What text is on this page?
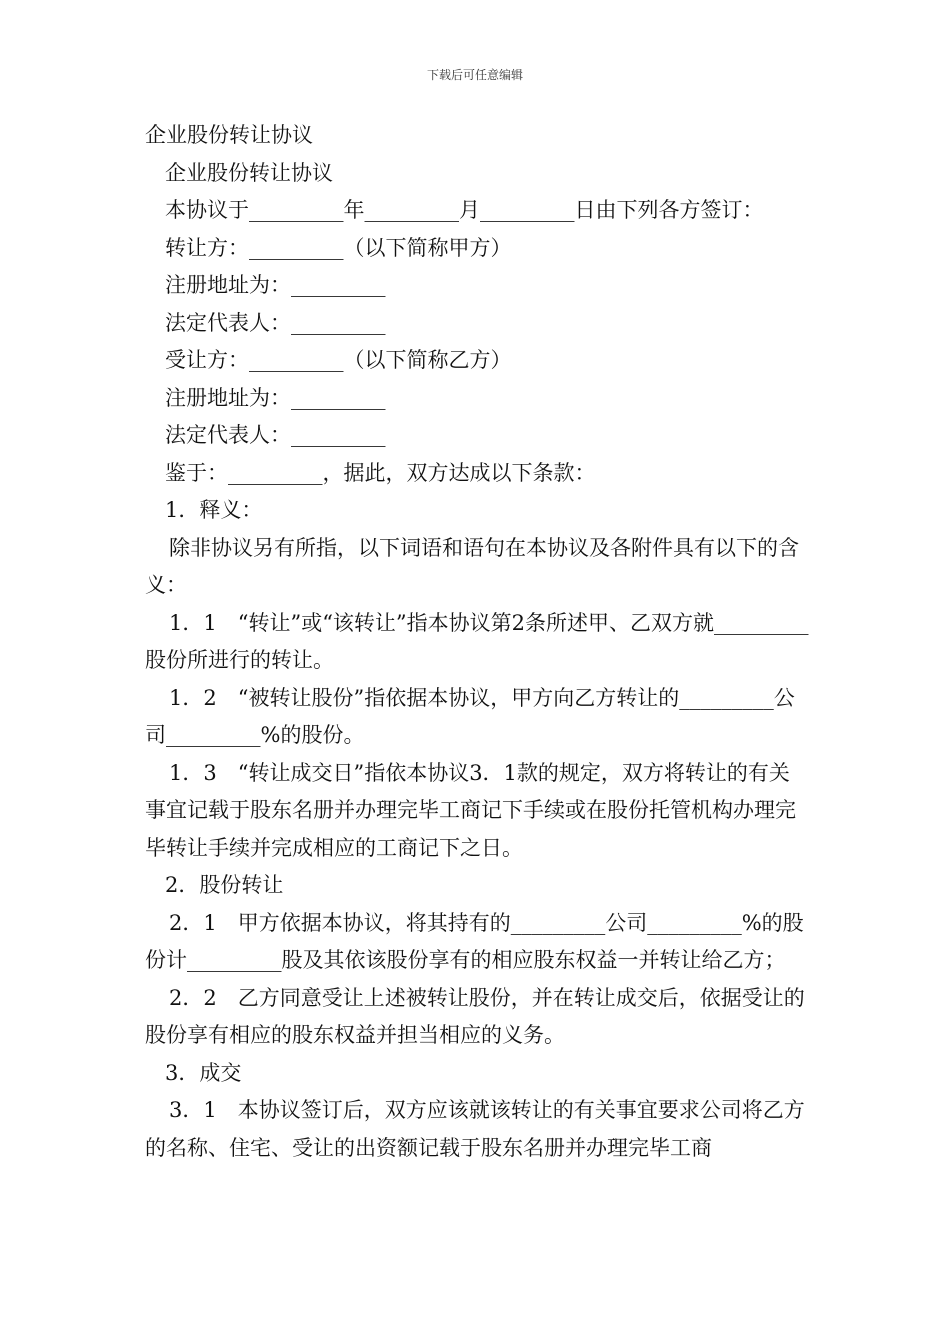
下载后可任意编辑

企业股份转让协议

企业股份转让协议

本协议于_________年_________月_________日由下列各方签订：

转让方：_________（以下简称甲方）

注册地址为：_________

法定代表人：_________

受让方：_________（以下简称乙方）

注册地址为：_________

法定代表人：_________

鉴于：_________，据此，双方达成以下条款：

1．释义：

除非协议另有所指，以下词语和语句在本协议及各附件具有以下的含义：

1．1　“转让”或“该转让”指本协议第2条所述甲、乙双方就_________股份所进行的转让。

1．2　“被转让股份”指依据本协议，甲方向乙方转让的_________公司_________%的股份。

1．3　“转让成交日”指依本协议3．1款的规定，双方将转让的有关事宜记载于股东名册并办理完毕工商记下手续或在股份托管机构办理完毕转让手续并完成相应的工商记下之日。

2．股份转让

2．1　甲方依据本协议，将其持有的_________公司_________%的股份计_________股及其依该股份享有的相应股东权益一并转让给乙方；

2．2　乙方同意受让上述被转让股份，并在转让成交后，依据受让的股份享有相应的股东权益并担当相应的义务。

3．成交

3．1　本协议签订后，双方应该就该转让的有关事宜要求公司将乙方的名称、住宅、受让的出资额记载于股东名册并办理完毕工商
